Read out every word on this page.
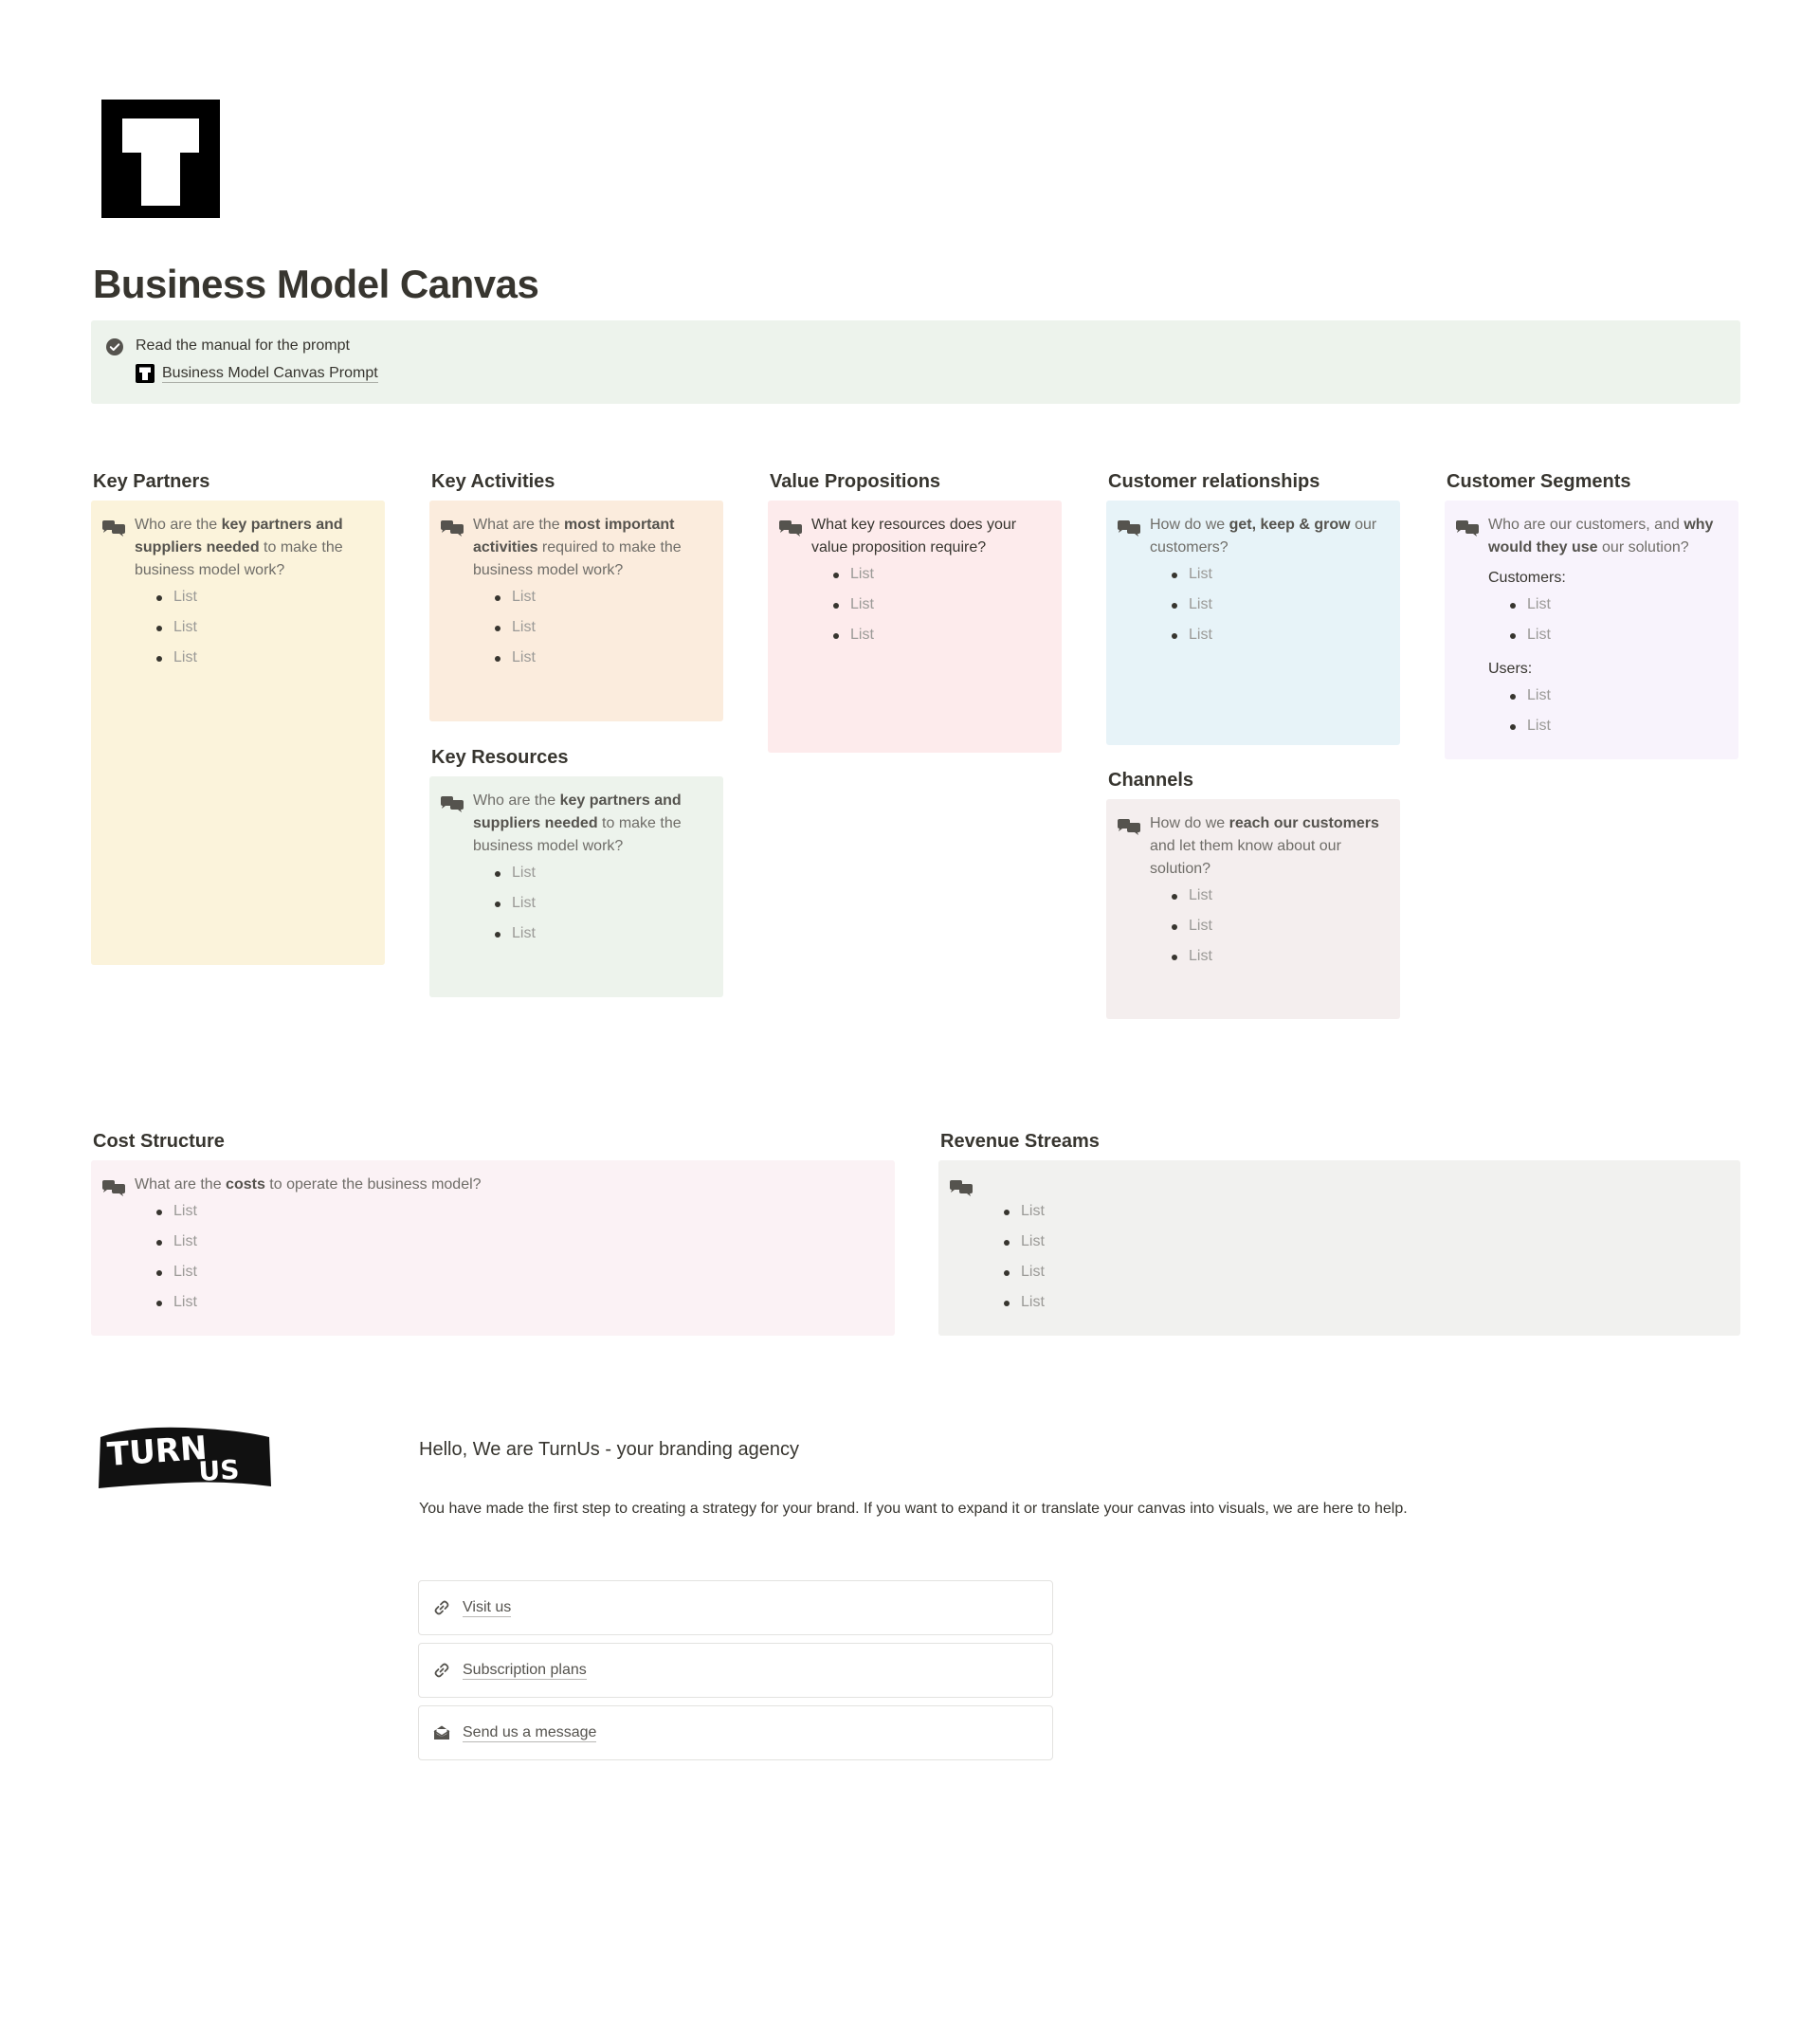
Business Model Canvas
Read the manual for the prompt
Business Model Canvas Prompt
Key Partners
Who are the key partners and suppliers needed to make the business model work?
List
List
List
Key Activities
What are the most important activities required to make the business model work?
List
List
List
Key Resources
Who are the key partners and suppliers needed to make the business model work?
List
List
List
Value Propositions
What key resources does your value proposition require?
List
List
List
Customer relationships
How do we get, keep & grow our customers?
List
List
List
Channels
How do we reach our customers and let them know about our solution?
List
List
List
Customer Segments
Who are our customers, and why would they use our solution?
Customers:
List
List
Users:
List
List
Cost Structure
What are the costs to operate the business model?
List
List
List
List
Revenue Streams
List
List
List
List
TURN
US
Hello, We are TurnUs - your branding agency
You have made the first step to creating a strategy for your brand. If you want to expand it or translate your canvas into visuals, we are here to help.
Visit us
Subscription plans
Send us a message
